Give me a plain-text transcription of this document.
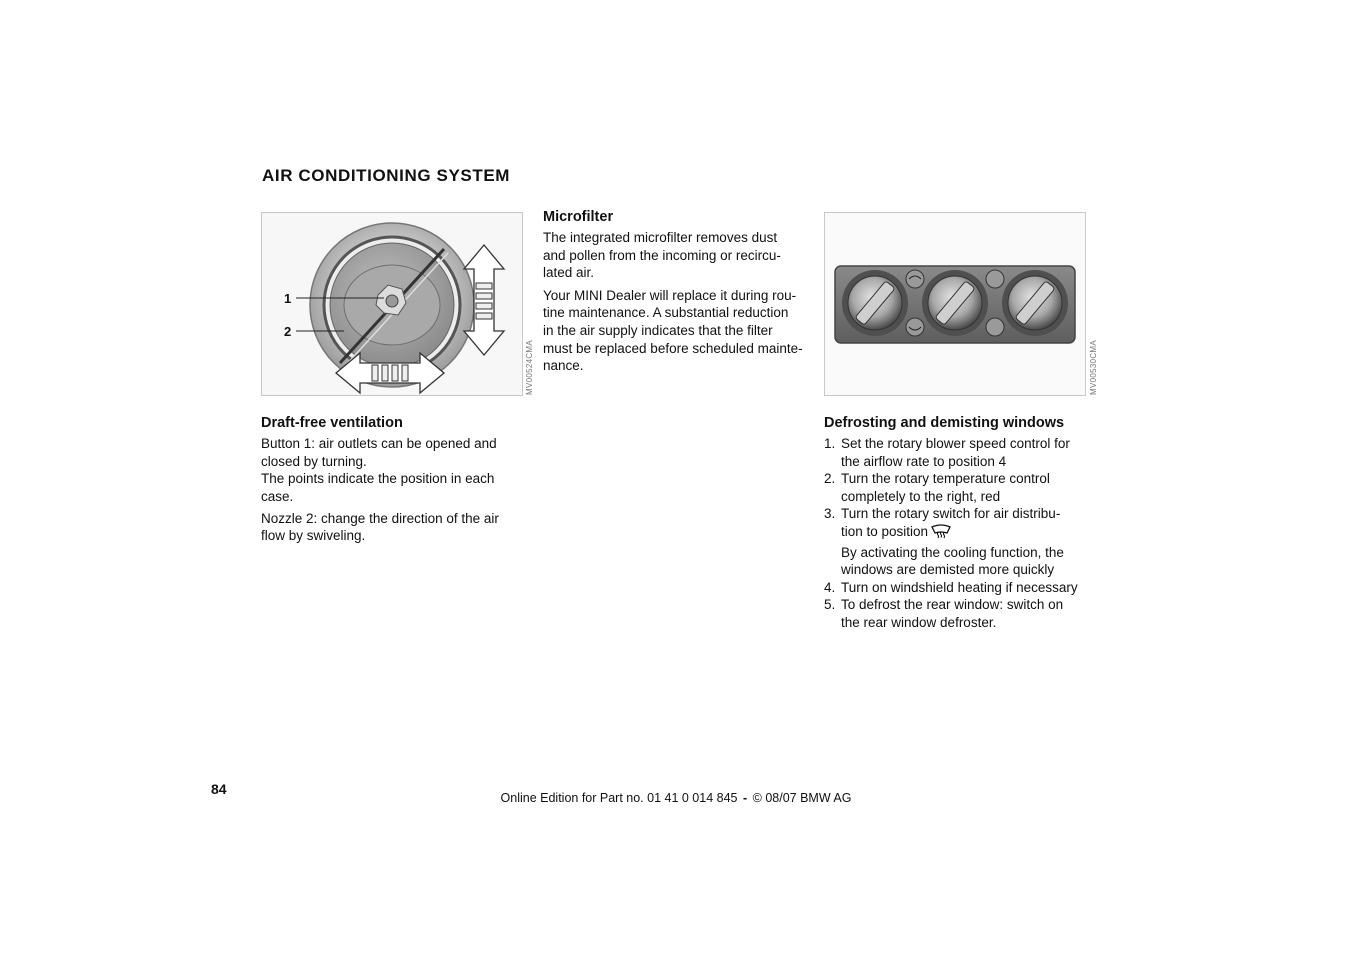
AIR CONDITIONING SYSTEM
1
2
MV00524CMA
Draft-free ventilation

Button 1: air outlets can be opened and
closed by turning.
The points indicate the position in each
case.

Nozzle 2: change the direction of the air
flow by swiveling.

Microfilter

The integrated microfilter removes dust
and pollen from the incoming or recircu-
lated air.

Your MINI Dealer will replace it during rou-
tine maintenance. A substantial reduction
in the air supply indicates that the filter
must be replaced before scheduled mainte-
nance.	MV00530CMA
Defrosting and demisting windows
1. Set the rotary blower speed control for
the airflow rate to position 4
2. Turn the rotary temperature control
completely to the right, red
3. Turn the rotary switch for air distribu-
tion to position
By activating the cooling function, the
windows are demisted more quickly
4. Turn on windshield heating if necessary
5. To defrost the rear window: switch on
the rear window defroster.
84
Online Edition for Part no. 01 41 0 014 845 - © 08/07 BMW AG
